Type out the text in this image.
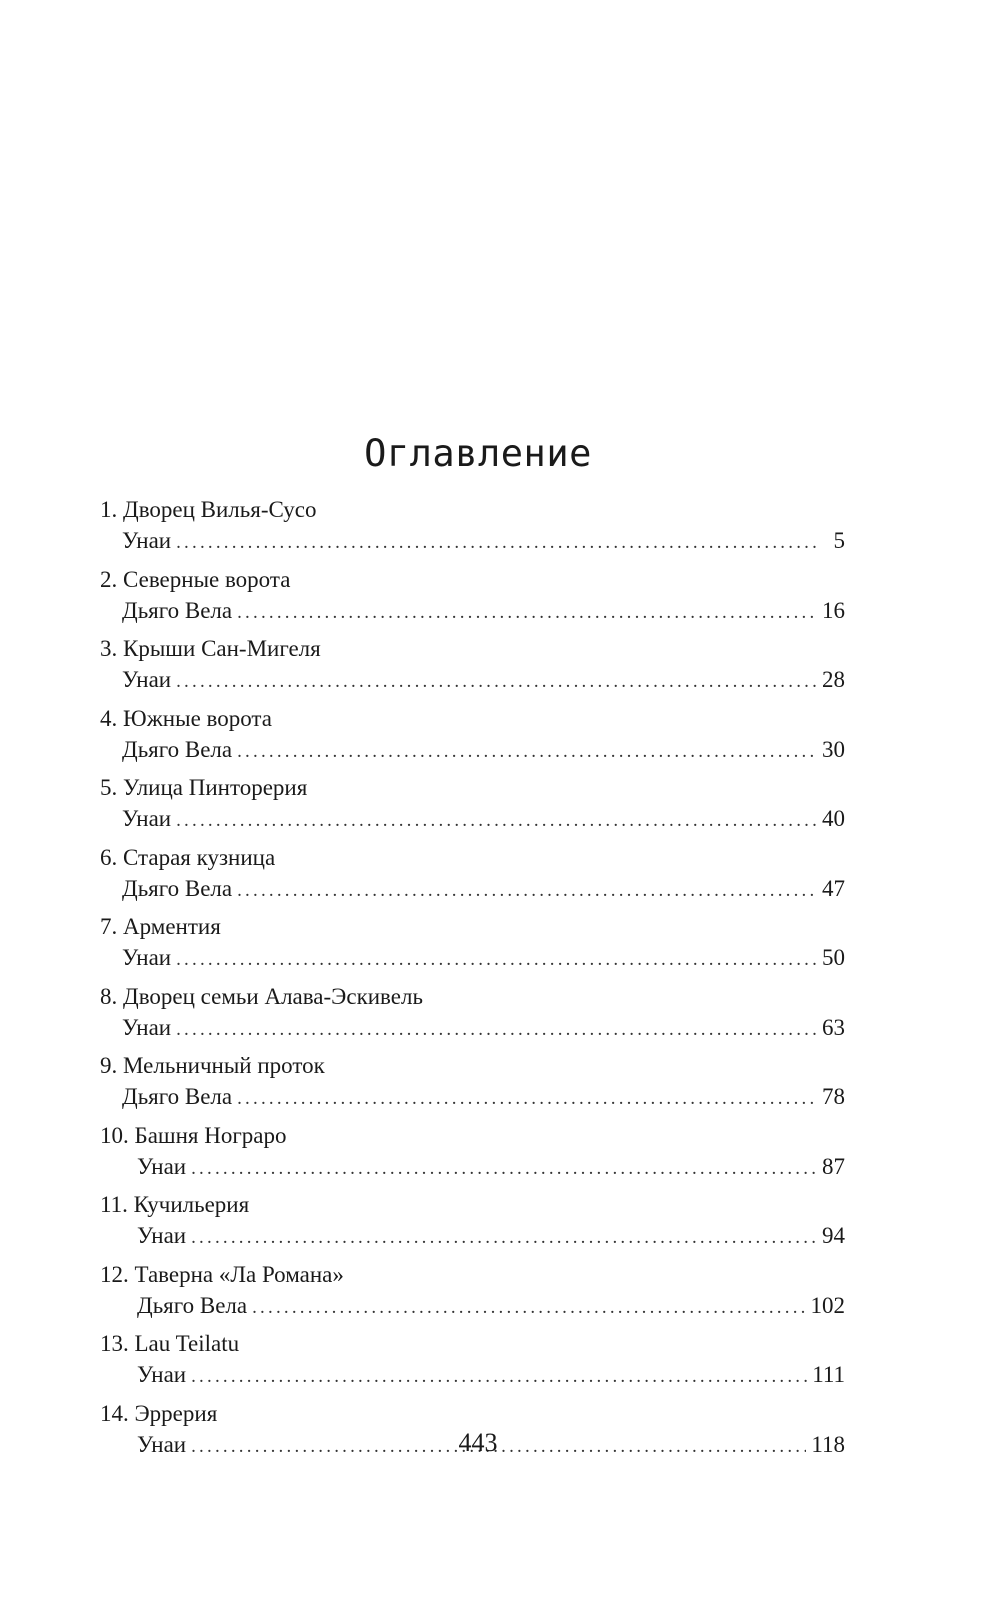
Оглавление
1. Дворец Вилья-Сусо
Унаи .....	5
2. Северные ворота
Дьяго Вела .....	16
3. Крыши Сан-Мигеля
Унаи .....	28
4. Южные ворота
Дьяго Вела .....	30
5. Улица Пинторерия
Унаи .....	40
6. Старая кузница
Дьяго Вела .....	47
7. Арментия
Унаи .....	50
8. Дворец семьи Алава-Эскивель
Унаи .....	63
9. Мельничный проток
Дьяго Вела .....	78
10. Башня Нограро
Унаи .....	87
11. Кучильерия
Унаи .....	94
12. Таверна «Ла Романа»
Дьяго Вела .....	102
13. Lau Teilatu
Унаи .....	111
14. Эррерия
Унаи .....	118
443
